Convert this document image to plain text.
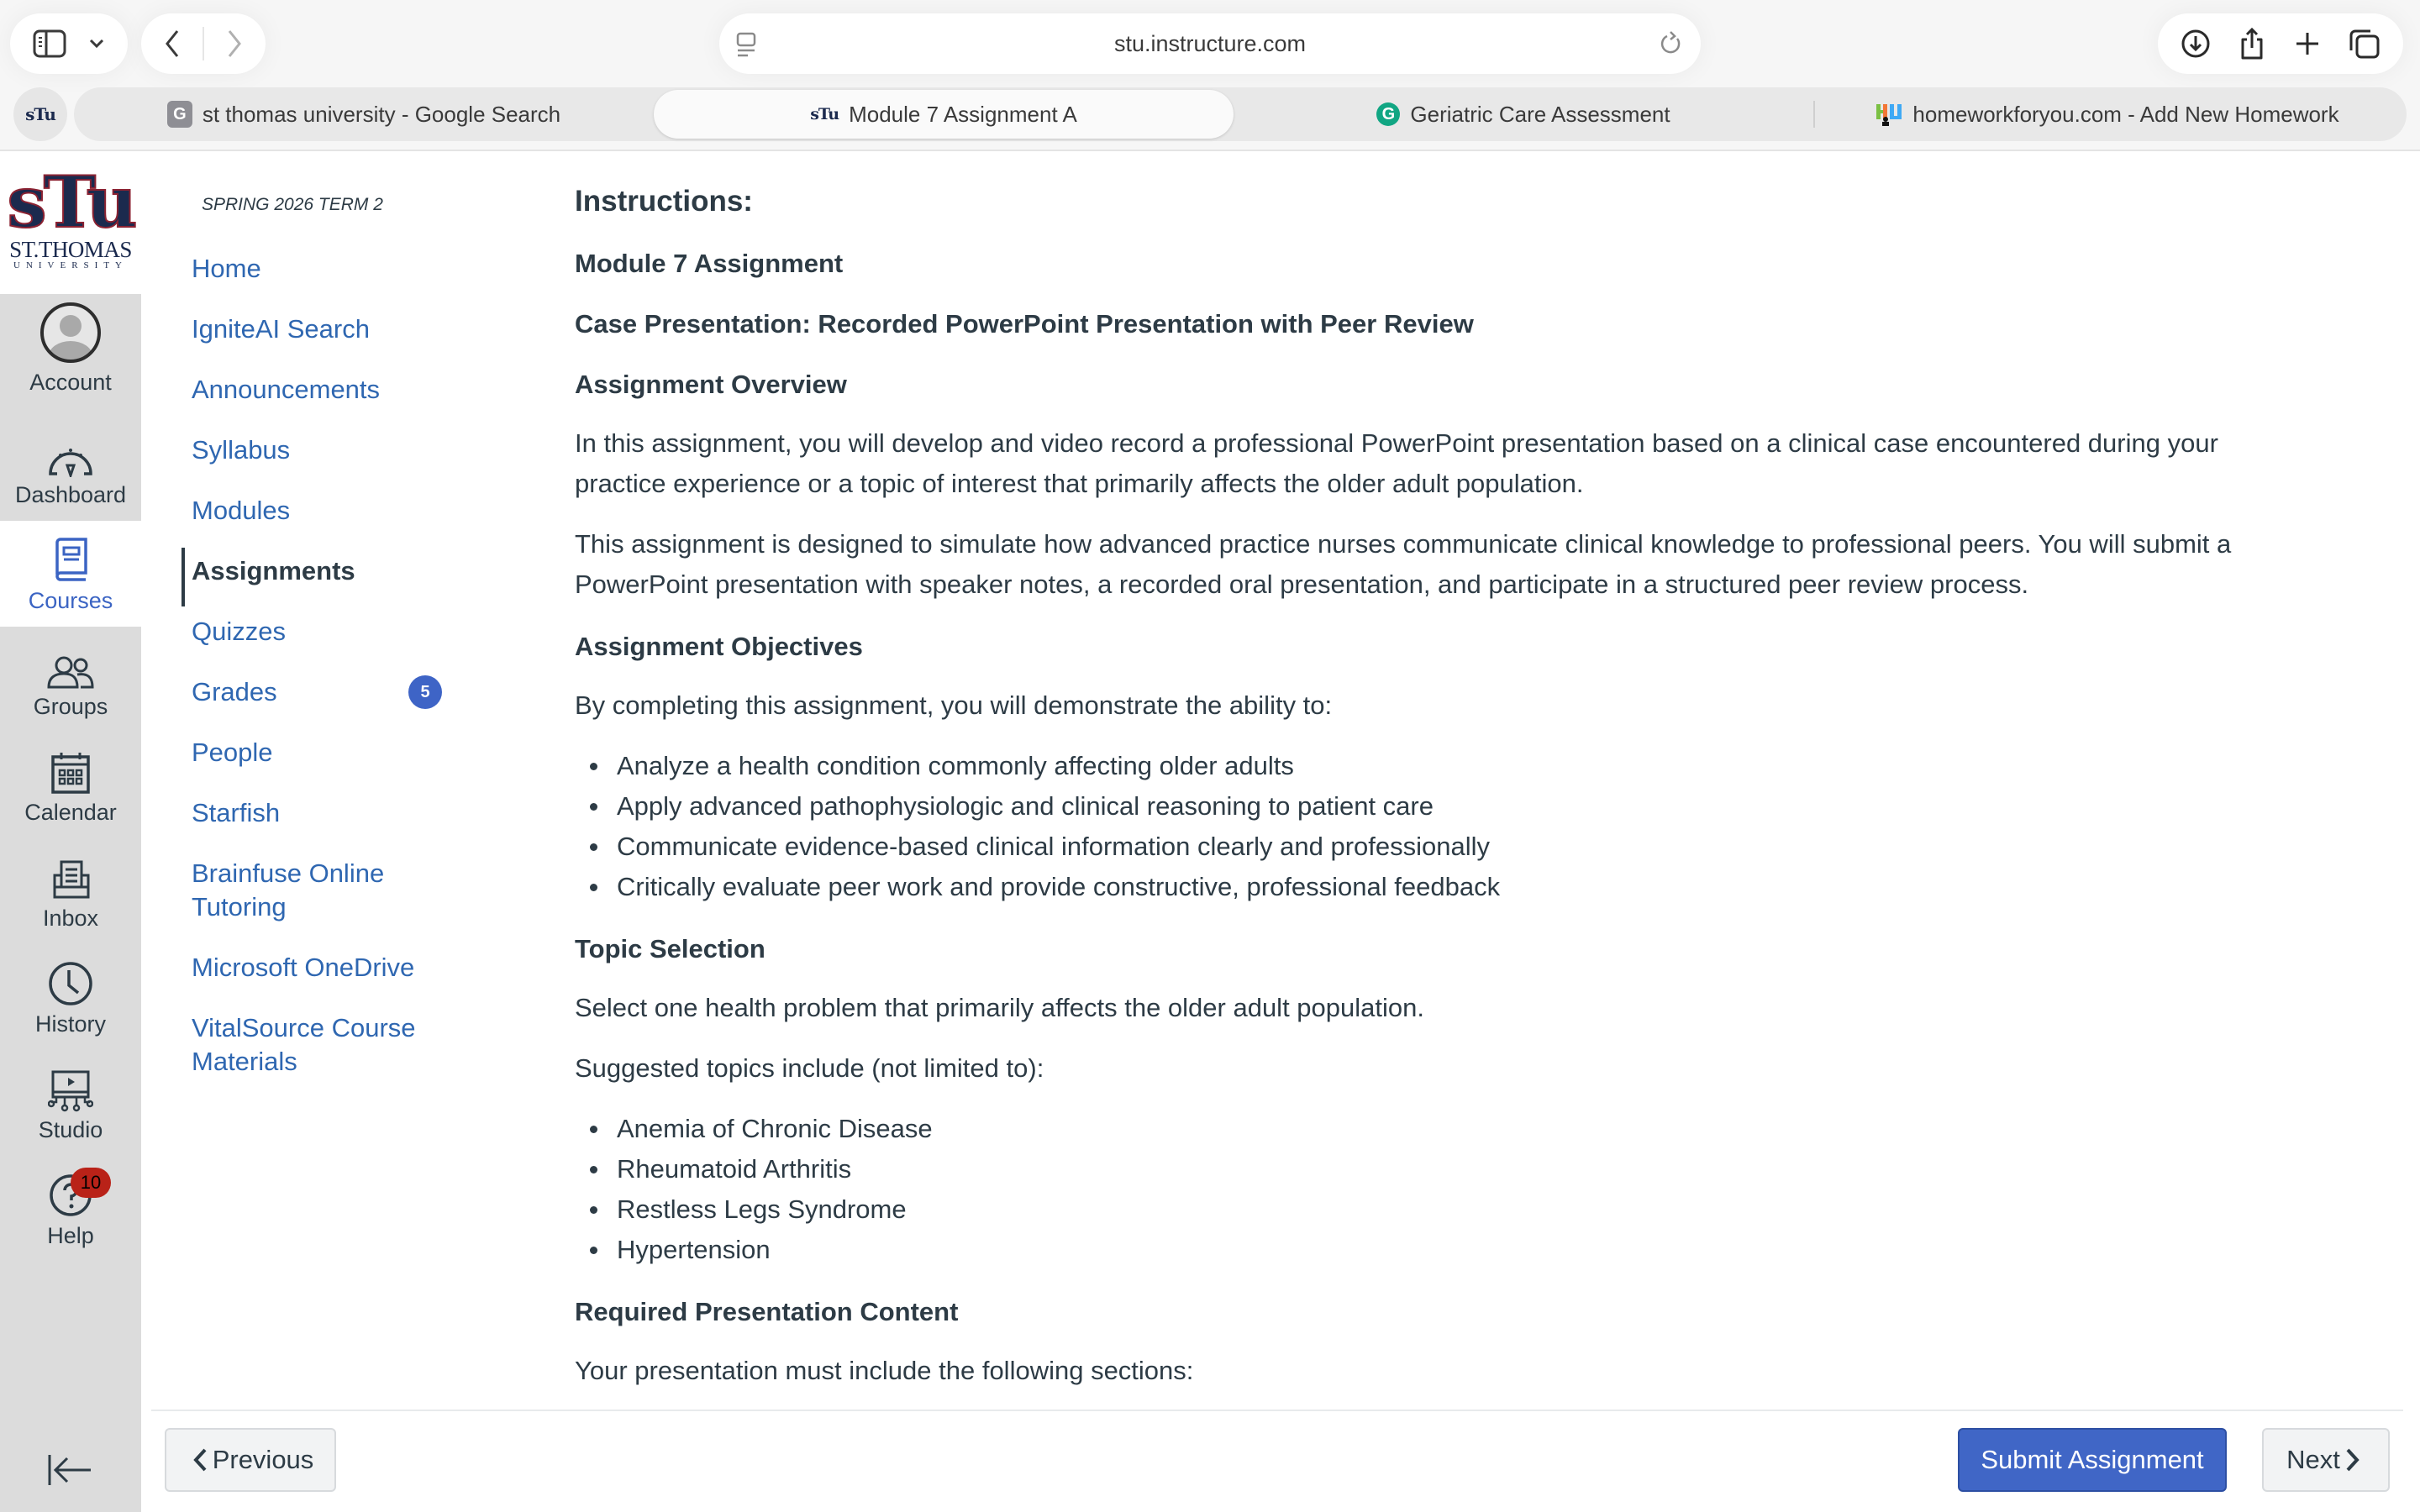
stu.instructure.com
sTu	G st thomas university - Google Search	sTu Module 7 Assignment A	G Geriatric Care Assessment	homeworkforyou.com - Add New Homework
sTu
ST.THOMAS
UNIVERSITY
Account
Dashboard
Courses
Groups
Calendar
Inbox
History
Studio
10
Help
SPRING 2026 TERM 2
Home
IgniteAI Search
Announcements
Syllabus
Modules
Assignments
Quizzes
Grades	5
People
Starfish
Brainfuse Online Tutoring
Microsoft OneDrive
VitalSource Course Materials
Instructions:
Module 7 Assignment
Case Presentation: Recorded PowerPoint Presentation with Peer Review
Assignment Overview
In this assignment, you will develop and video record a professional PowerPoint presentation based on a clinical case encountered during your practice experience or a topic of interest that primarily affects the older adult population.
This assignment is designed to simulate how advanced practice nurses communicate clinical knowledge to professional peers. You will submit a PowerPoint presentation with speaker notes, a recorded oral presentation, and participate in a structured peer review process.
Assignment Objectives
By completing this assignment, you will demonstrate the ability to:
Analyze a health condition commonly affecting older adults
Apply advanced pathophysiologic and clinical reasoning to patient care
Communicate evidence-based clinical information clearly and professionally
Critically evaluate peer work and provide constructive, professional feedback
Topic Selection
Select one health problem that primarily affects the older adult population.
Suggested topics include (not limited to):
Anemia of Chronic Disease
Rheumatoid Arthritis
Restless Legs Syndrome
Hypertension
Required Presentation Content
Your presentation must include the following sections:
Previous	Submit Assignment	Next
